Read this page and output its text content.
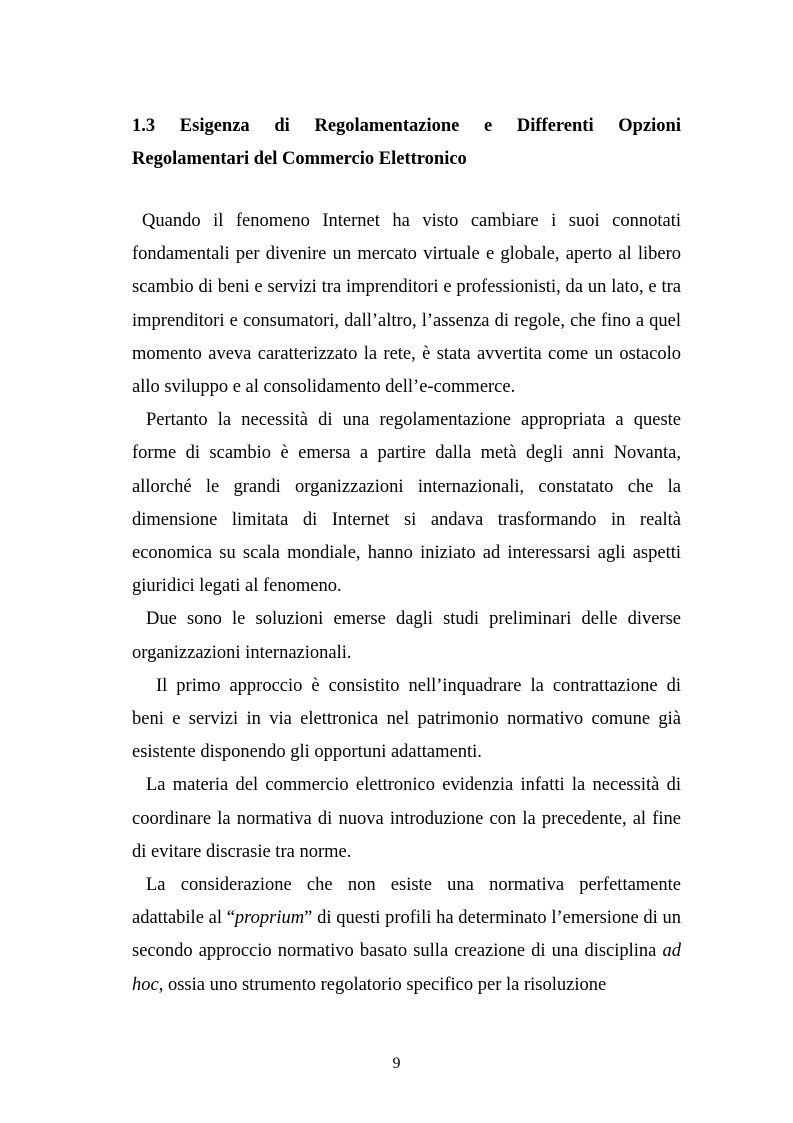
1.3 Esigenza di Regolamentazione e Differenti Opzioni Regolamentari del Commercio Elettronico

Quando il fenomeno Internet ha visto cambiare i suoi connotati fondamentali per divenire un mercato virtuale e globale, aperto al libero scambio di beni e servizi tra imprenditori e professionisti, da un lato, e tra imprenditori e consumatori, dall’altro, l’assenza di regole, che fino a quel momento aveva caratterizzato la rete, è stata avvertita come un ostacolo allo sviluppo e al consolidamento dell’e-commerce.

Pertanto la necessità di una regolamentazione appropriata a queste forme di scambio è emersa a partire dalla metà degli anni Novanta, allorché le grandi organizzazioni internazionali, constatato che la dimensione limitata di Internet si andava trasformando in realtà economica su scala mondiale, hanno iniziato ad interessarsi agli aspetti giuridici legati al fenomeno.

Due sono le soluzioni emerse dagli studi preliminari delle diverse organizzazioni internazionali.

Il primo approccio è consistito nell’inquadrare la contrattazione di beni e servizi in via elettronica nel patrimonio normativo comune già esistente disponendo gli opportuni adattamenti.

La materia del commercio elettronico evidenzia infatti la necessità di coordinare la normativa di nuova introduzione con la precedente, al fine di evitare discrasie tra norme.

La considerazione che non esiste una normativa perfettamente adattabile al “proprium” di questi profili ha determinato l’emersione di un secondo approccio normativo basato sulla creazione di una disciplina ad hoc, ossia uno strumento regolatorio specifico per la risoluzione

9
